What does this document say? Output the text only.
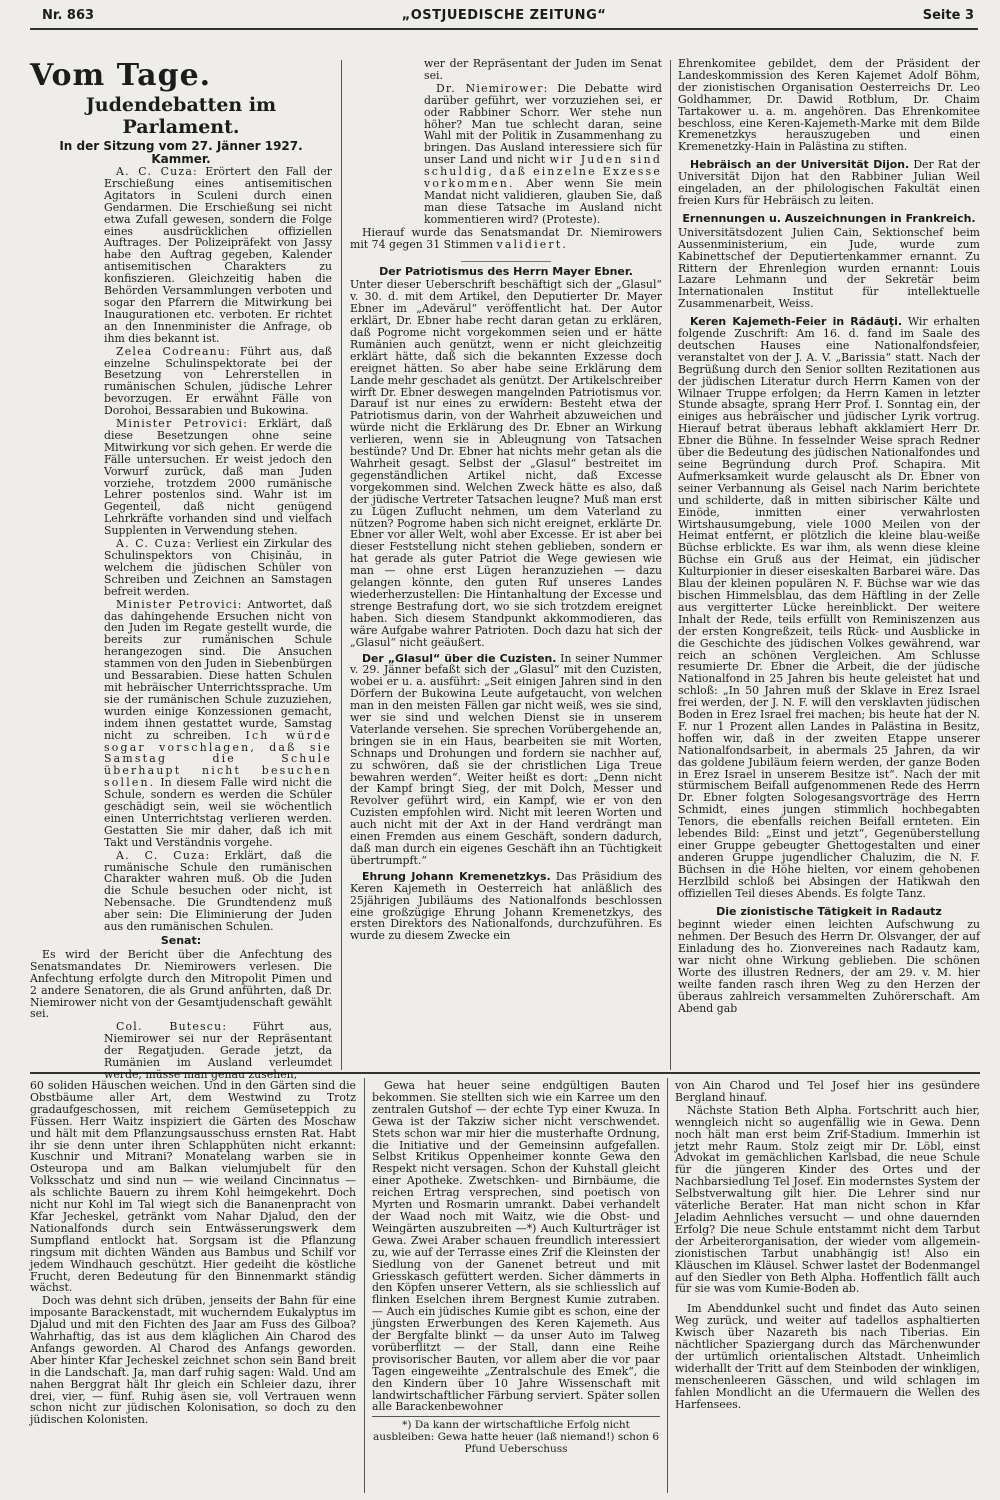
Nr. 863	„OSTJUEDISCHE ZEITUNG“	Seite 3
Vom Tage.
Judendebatten im Parlament.
In der Sitzung vom 27. Jänner 1927.
Kammer.

A. C. Cuza: Erörtert den Fall der Erschießung eines antisemitischen Agitators in Sculeni durch einen Gendarmen. Die Erschießung sei nicht etwa Zufall gewesen, sondern die Folge eines ausdrücklichen offiziellen Auftrages. Der Polizeipräfekt von Jassy habe den Auftrag gegeben, Kalender antisemitischen Charakters zu konfiszieren. Gleichzeitig haben die Behörden Versammlungen verboten und sogar den Pfarrern die Mitwirkung bei Inaugurationen etc. verboten. Er richtet an den Innenminister die Anfrage, ob ihm dies bekannt ist.

Zelea Codreanu: Führt aus, daß einzelne Schulinspektorate bei der Besetzung von Lehrerstellen in rumänischen Schulen, jüdische Lehrer bevorzugen. Er erwähnt Fälle von Dorohoi, Bessarabien und Bukowina.

Minister Petrovici: Erklärt, daß diese Besetzungen ohne seine Mitwirkung vor sich gehen. Er werde die Fälle untersuchen. Er weist jedoch den Vorwurf zurück, daß man Juden vorziehe, trotzdem 2000 rumänische Lehrer postenlos sind. Wahr ist im Gegenteil, daß nicht genügend Lehrkräfte vorhanden sind und vielfach Supplenten in Verwendung stehen.

A. C. Cuza: Verliest ein Zirkular des Schulinspektors von Chișinău, in welchem die jüdischen Schüler von Schreiben und Zeichnen an Samstagen befreit werden.

Minister Petrovici: Antwortet, daß das dahingehende Ersuchen nicht von den Juden im Regate gestellt wurde, die bereits zur rumänischen Schule herangezogen sind. Die Ansuchen stammen von den Juden in Siebenbürgen und Bessarabien. Diese hatten Schulen mit hebräischer Unterrichtssprache. Um sie der rumänischen Schule zuzuziehen, wurden einige Konzessionen gemacht, indem ihnen gestattet wurde, Samstag nicht zu schreiben. Ich würde sogar vorschlagen, daß sie Samstag die Schule überhaupt nicht besuchen sollen. In diesem Falle wird nicht die Schule, sondern es werden die Schüler geschädigt sein, weil sie wöchentlich einen Unterrichtstag verlieren werden. Gestatten Sie mir daher, daß ich mit Takt und Verständnis vorgehe.

A. C. Cuza: Erklärt, daß die rumänische Schule den rumänischen Charakter wahren muß. Ob die Juden die Schule besuchen oder nicht, ist Nebensache. Die Grundtendenz muß aber sein: Die Eliminierung der Juden aus den rumänischen Schulen.

Senat:

Es wird der Bericht über die Anfechtung des Senatsmandates Dr. Niemirowers verlesen. Die Anfechtung erfolgte durch den Mitropolit Pimen und 2 andere Senatoren, die als Grund anführten, daß Dr. Niemirower nicht von der Gesamtjudenschaft gewählt sei.

Col. Butescu: Führt aus, Niemirower sei nur der Repräsentant der Regatjuden. Gerade jetzt, da Rumänien im Ausland verleumdet werde, müsse man genau zusehen,

wer der Repräsentant der Juden im Senat sei.

Dr. Niemirower: Die Debatte wird darüber geführt, wer vorzuziehen sei, er oder Rabbiner Schorr. Wer stehe nun höher? Man tue schlecht daran, seine Wahl mit der Politik in Zusammenhang zu bringen. Das Ausland interessiere sich für unser Land und nicht wir Juden sind schuldig, daß einzelne Exzesse vorkommen. Aber wenn Sie mein Mandat nicht validieren, glauben Sie, daß man diese Tatsache im Ausland nicht kommentieren wird? (Proteste).

Hierauf wurde das Senatsmandat Dr. Niemirowers mit 74 gegen 31 Stimmen validiert.

Der Patriotismus des Herrn Mayer Ebner.

Unter dieser Ueberschrift beschäftigt sich der „Glasul“ v. 30. d. mit dem Artikel, den Deputierter Dr. Mayer Ebner im „Adevărul“ veröffentlicht hat. Der Autor erklärt, Dr. Ebner habe recht daran getan zu erklären, daß Pogrome nicht vorgekommen seien und er hätte Rumänien auch genützt, wenn er nicht gleichzeitig erklärt hätte, daß sich die bekannten Exzesse doch ereignet hätten. So aber habe seine Erklärung dem Lande mehr geschadet als genützt. Der Artikelschreiber wirft Dr. Ebner deswegen mangelnden Patriotismus vor. Darauf ist nur eines zu erwidern: Besteht etwa der Patriotismus darin, von der Wahrheit abzuweichen und würde nicht die Erklärung des Dr. Ebner an Wirkung verlieren, wenn sie in Ableugnung von Tatsachen bestünde? Und Dr. Ebner hat nichts mehr getan als die Wahrheit gesagt. Selbst der „Glasul“ bestreitet im gegenständlichen Artikel nicht, daß Excesse vorgekommen sind. Welchen Zweck hätte es also, daß der jüdische Vertreter Tatsachen leugne? Muß man erst zu Lügen Zuflucht nehmen, um dem Vaterland zu nützen? Pogrome haben sich nicht ereignet, erklärte Dr. Ebner vor aller Welt, wohl aber Excesse. Er ist aber bei dieser Feststellung nicht stehen geblieben, sondern er hat gerade als guter Patriot die Wege gewiesen wie man — ohne erst Lügen heranzuziehen — dazu gelangen könnte, den guten Ruf unseres Landes wiederherzustellen: Die Hintanhaltung der Excesse und strenge Bestrafung dort, wo sie sich trotzdem ereignet haben. Sich diesem Standpunkt akkommodieren, das wäre Aufgabe wahrer Patrioten. Doch dazu hat sich der „Glasul“ nicht geäußert.

Der „Glasul“ über die Cuzisten. In seiner Nummer v. 29. Jänner befaßt sich der „Glasul“ mit den Cuzisten, wobei er u. a. ausführt: „Seit einigen Jahren sind in den Dörfern der Bukowina Leute aufgetaucht, von welchen man in den meisten Fällen gar nicht weiß, wes sie sind, wer sie sind und welchen Dienst sie in unserem Vaterlande versehen. Sie sprechen Vorübergehende an, bringen sie in ein Haus, bearbeiten sie mit Worten, Schnaps und Drohungen und fordern sie nachher auf, zu schwören, daß sie der christlichen Liga Treue bewahren werden“. Weiter heißt es dort: „Denn nicht der Kampf bringt Sieg, der mit Dolch, Messer und Revolver geführt wird, ein Kampf, wie er von den Cuzisten empfohlen wird. Nicht mit leeren Worten und auch nicht mit der Axt in der Hand verdrängt man einen Fremden aus einem Geschäft, sondern dadurch, daß man durch ein eigenes Geschäft ihn an Tüchtigkeit übertrumpft.“

Ehrung Johann Kremenetzkys. Das Präsidium des Keren Kajemeth in Oesterreich hat anläßlich des 25jährigen Jubiläums des Nationalfonds beschlossen eine großzügige Ehrung Johann Kremenetzkys, des ersten Direktors des Nationalfonds, durchzuführen. Es wurde zu diesem Zwecke ein

Ehrenkomitee gebildet, dem der Präsident der Landeskommission des Keren Kajemet Adolf Böhm, der zionistischen Organisation Oesterreichs Dr. Leo Goldhammer, Dr. Dawid Rotblum, Dr. Chaim Tartakower u. a. m. angehören. Das Ehrenkomitee beschloss, eine Keren-Kajemeth-Marke mit dem Bilde Kremenetzkys herauszugeben und einen Kremenetzky-Hain in Palästina zu stiften.

Hebräisch an der Universität Dijon. Der Rat der Universität Dijon hat den Rabbiner Julian Weil eingeladen, an der philologischen Fakultät einen freien Kurs für Hebräisch zu leiten.

Ernennungen u. Auszeichnungen in Frankreich.

Universitätsdozent Julien Cain, Sektionschef beim Aussenministerium, ein Jude, wurde zum Kabinettschef der Deputiertenkammer ernannt. Zu Rittern der Ehrenlegion wurden ernannt: Louis Lazare Lehmann und der Sekretär beim Internationalen Institut für intellektuelle Zusammenarbeit, Weiss.

Keren Kajemeth-Feier in Rădăuţi. Wir erhalten folgende Zuschrift: Am 16. d. fand im Saale des deutschen Hauses eine Nationalfondsfeier, veranstaltet von der J. A. V. „Barissia“ statt. Nach der Begrüßung durch den Senior sollten Rezitationen aus der jüdischen Literatur durch Herrn Kamen von der Wilnaer Truppe erfolgen; da Herrn Kamen in letzter Stunde absagte, sprang Herr Prof. I. Sonntag ein, der einiges aus hebräischer und jüdischer Lyrik vortrug. Hierauf betrat überaus lebhaft akklamiert Herr Dr. Ebner die Bühne. In fesselnder Weise sprach Redner über die Bedeutung des jüdischen Nationalfondes und seine Begründung durch Prof. Schapira. Mit Aufmerksamkeit wurde gelauscht als Dr. Ebner von seiner Verbannung als Geisel nach Narim berichtete und schilderte, daß in mitten sibirischer Kälte und Einöde, inmitten einer verwahrlosten Wirtshausumgebung, viele 1000 Meilen von der Heimat entfernt, er plötzlich die kleine blau-weiße Büchse erblickte. Es war ihm, als wenn diese kleine Büchse ein Gruß aus der Heimat, ein jüdischer Kulturpionier in dieser eiseskalten Barbarei wäre. Das Blau der kleinen populären N. F. Büchse war wie das bischen Himmelsblau, das dem Häftling in der Zelle aus vergitterter Lücke hereinblickt. Der weitere Inhalt der Rede, teils erfüllt von Reminiszenzen aus der ersten Kongreßzeit, teils Rück- und Ausblicke in die Geschichte des jüdischen Volkes gewährend, war reich an schönen Vergleichen. Am Schlusse resumierte Dr. Ebner die Arbeit, die der jüdische Nationalfond in 25 Jahren bis heute geleistet hat und schloß: „In 50 Jahren muß der Sklave in Erez Israel frei werden, der J. N. F. will den versklavten jüdischen Boden in Erez Israel frei machen; bis heute hat der N. F. nur 1 Prozent allen Landes in Palästina in Besitz, hoffen wir, daß in der zweiten Etappe unserer Nationalfondsarbeit, in abermals 25 Jahren, da wir das goldene Jubiläum feiern werden, der ganze Boden in Erez Israel in unserem Besitze ist“. Nach der mit stürmischem Beifall aufgenommenen Rede des Herrn Dr. Ebner folgten Sologesangsvorträge des Herrn Schmidt, eines jungen stimmlich hochbegabten Tenors, die ebenfalls reichen Beifall ernteten. Ein lebendes Bild: „Einst und jetzt“, Gegenüberstellung einer Gruppe gebeugter Ghettogestalten und einer anderen Gruppe jugendlicher Chaluzim, die N. F. Büchsen in die Höhe hielten, vor einem gehobenen Herzlbild schloß bei Absingen der Hatikwah den offiziellen Teil dieses Abends. Es folgte Tanz.

Die zionistische Tätigkeit in Radautz

beginnt wieder einen leichten Aufschwung zu nehmen. Der Besuch des Herrn Dr. Olsvanger, der auf Einladung des ho. Zionvereines nach Radautz kam, war nicht ohne Wirkung geblieben. Die schönen Worte des illustren Redners, der am 29. v. M. hier weilte fanden rasch ihren Weg zu den Herzen der überaus zahlreich versammelten Zuhörerschaft. Am Abend gab

60 soliden Häuschen weichen. Und in den Gärten sind die Obstbäume aller Art, dem Westwind zu Trotz gradaufgeschossen, mit reichem Gemüseteppich zu Füssen. Herr Waitz inspiziert die Gärten des Moschaw und hält mit dem Pflanzungsausschuss ernsten Rat. Habt ihr sie denn unter ihren Schlapphüten nicht erkannt: Kuschnir und Mitrani? Monatelang warben sie in Osteuropa und am Balkan vielumjubelt für den Volksschatz und sind nun — wie weiland Cincinnatus — als schlichte Bauern zu ihrem Kohl heimgekehrt. Doch nicht nur Kohl im Tal wiegt sich die Bananenpracht von Kfar Jecheskel, getränkt vom Nahar Djalud, den der Nationalfonds durch sein Entwässerungswerk dem Sumpfland entlockt hat. Sorgsam ist die Pflanzung ringsum mit dichten Wänden aus Bambus und Schilf vor jedem Windhauch geschützt. Hier gedeiht die köstliche Frucht, deren Bedeutung für den Binnenmarkt ständig wächst.

Doch was dehnt sich drüben, jenseits der Bahn für eine imposante Barackenstadt, mit wucherndem Eukalyptus im Djalud und mit den Fichten des Jaar am Fuss des Gilboa? Wahrhaftig, das ist aus dem kläglichen Ain Charod des Anfangs geworden. Al Charod des Anfangs geworden. Aber hinter Kfar Jecheskel zeichnet schon sein Band breit in die Landschaft. Ja, man darf ruhig sagen: Wald. Und am nahen Berggrat hält Ihr gleich ein Schleier dazu, ihrer drei, vier, — fünf. Ruhig äsen sie, voll Vertrauen wenn schon nicht zur jüdischen Kolonisation, so doch zu den jüdischen Kolonisten.

Gewa hat heuer seine endgültigen Bauten bekommen. Sie stellten sich wie ein Karree um den zentralen Gutshof — der echte Typ einer Kwuza. In Gewa ist der Takziw sicher nicht verschwendet. Stets schon war mir hier die musterhafte Ordnung, die Initiative und der Gemeinsinn aufgefallen. Selbst Kritikus Oppenheimer konnte Gewa den Respekt nicht versagen. Schon der Kuhstall gleicht einer Apotheke. Zwetschken- und Birnbäume, die reichen Ertrag versprechen, sind poetisch von Myrten und Rosmarin umrankt. Dabei verhandelt der Waad noch mit Waitz, wie die Obst- und Weingärten auszubreiten —*) Auch Kulturträger ist Gewa. Zwei Araber schauen freundlich interessiert zu, wie auf der Terrasse eines Zrif die Kleinsten der Siedlung von der Ganenet betreut und mit Griesskasch gefüttert werden. Sicher dämmerts in den Köpfen unserer Vettern, als sie schliesslich auf flinken Eselchen ihrem Bergnest Kumie zutraben. — Auch ein jüdisches Kumie gibt es schon, eine der jüngsten Erwerbungen des Keren Kajemeth. Aus der Bergfalte blinkt — da unser Auto im Talweg vorüberflitzt — der Stall, dann eine Reihe provisorischer Bauten, vor allem aber die vor paar Tagen eingeweihte „Zentralschule des Emek“, die den Kindern über 10 Jahre Wissenschaft mit landwirtschaftlicher Färbung serviert. Später sollen alle Barackenbewohner

*) Da kann der wirtschaftliche Erfolg nicht ausbleiben: Gewa hatte heuer (laß niemand!) schon 6 Pfund Ueberschuss

von Ain Charod und Tel Josef hier ins gesündere Bergland hinauf.

Nächste Station Beth Alpha. Fortschritt auch hier, wenngleich nicht so augenfällig wie in Gewa. Denn noch hält man erst beim Zrif-Stadium. Immerhin ist jetzt mehr Raum. Stolz zeigt mir Dr. Löbl, einst Advokat im gemächlichen Karlsbad, die neue Schule für die jüngeren Kinder des Ortes und der Nachbarsiedlung Tel Josef. Ein modernstes System der Selbstverwaltung gilt hier. Die Lehrer sind nur väterliche Berater. Hat man nicht schon in Kfar Jeladim Aehnliches versucht — und ohne dauernden Erfolg? Die neue Schule entstammt nicht dem Tarbut der Arbeiterorganisation, der wieder vom allgemein-zionistischen Tarbut unabhängig ist! Also ein Kläuschen im Kläusel. Schwer lastet der Bodenmangel auf den Siedler von Beth Alpha. Hoffentlich fällt auch für sie was vom Kumie-Boden ab.

Im Abenddunkel sucht und findet das Auto seinen Weg zurück, und weiter auf tadellos asphaltierten Kwisch über Nazareth bis nach Tiberias. Ein nächtlicher Spaziergang durch das Märchenwunder der urtümlich orientalischen Altstadt. Unheimlich widerhallt der Tritt auf dem Steinboden der winkligen, menschenleeren Gässchen, und wild schlagen im fahlen Mondlicht an die Ufermauern die Wellen des Harfensees.
